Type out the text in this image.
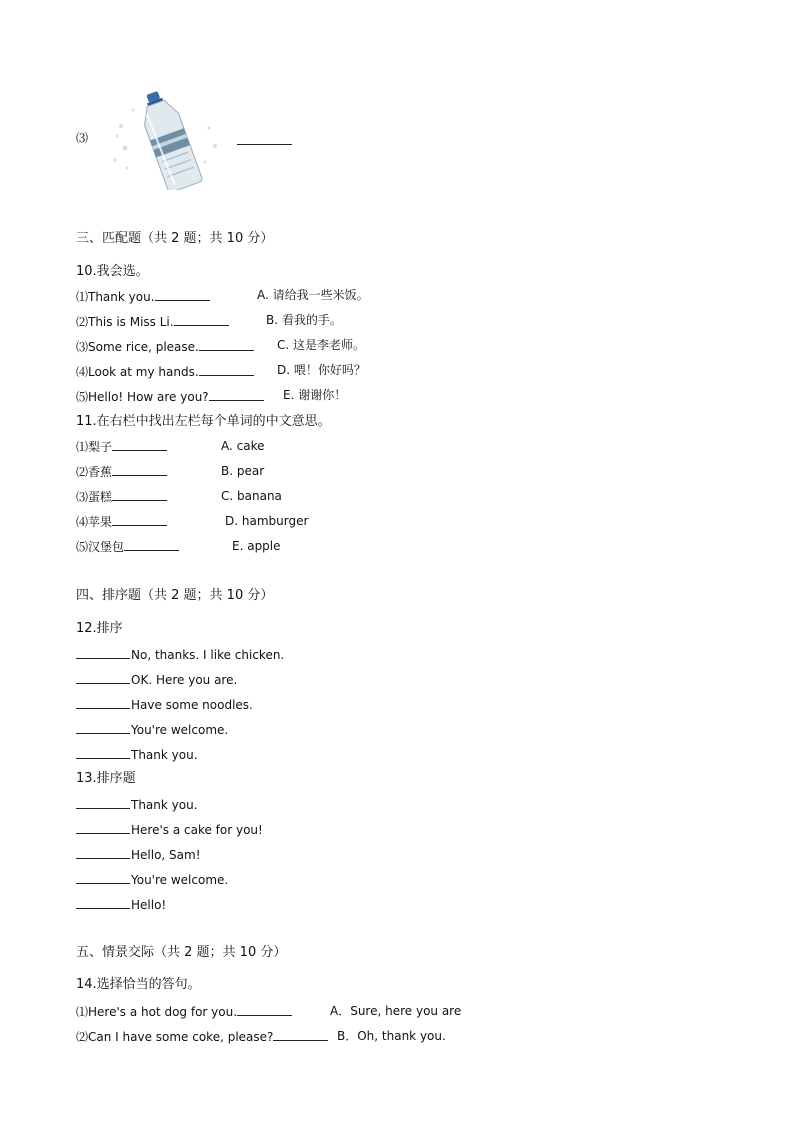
⑶
三、匹配题（共 2 题；共 10 分）
10.我会选。
⑴Thank you.	A. 请给我一些米饭。
⑵This is Miss Li.	B. 看我的手。
⑶Some rice, please.	C. 这是李老师。
⑷Look at my hands.	D. 喂！你好吗？
⑸Hello! How are you?	E. 谢谢你！
11.在右栏中找出左栏每个单词的中文意思。
⑴梨子	A. cake
⑵香蕉	B. pear
⑶蛋糕	C. banana
⑷苹果	D. hamburger
⑸汉堡包	E. apple
四、排序题（共 2 题；共 10 分）
12.排序
No, thanks. I like chicken.
OK. Here you are.
Have some noodles.
You're welcome.
Thank you.
13.排序题
Thank you.
Here's a cake for you!
Hello, Sam!
You're welcome.
Hello!
五、情景交际（共 2 题；共 10 分）
14.选择恰当的答句。
⑴Here's a hot dog for you.	A．Sure, here you are
⑵Can I have some coke, please?	B．Oh, thank you.
